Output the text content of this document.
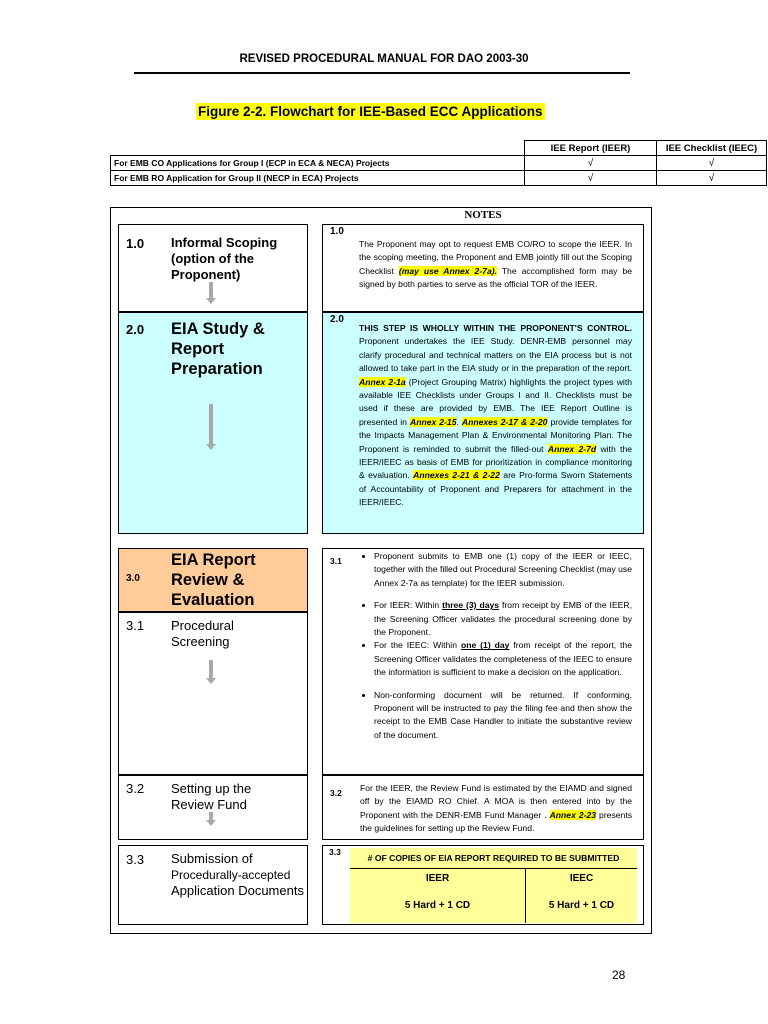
REVISED PROCEDURAL MANUAL FOR DAO 2003-30
Figure 2-2. Flowchart for IEE-Based ECC Applications
	IEE Report (IEER)	IEE Checklist (IEEC)
For EMB CO Applications for Group I (ECP in ECA & NECA) Projects	√	√
For EMB RO Application for Group II (NECP in ECA) Projects	√	√
NOTES
1.0 Informal Scoping (option of the Proponent)
1.0
The Proponent may opt to request EMB CO/RO to scope the IEER. In the scoping meeting, the Proponent and EMB jointly fill out the Scoping Checklist (may use Annex 2-7a). The accomplished form may be signed by both parties to serve as the official TOR of the IEER.
2.0 EIA Study & Report Preparation
2.0
THIS STEP IS WHOLLY WITHIN THE PROPONENT'S CONTROL. Proponent undertakes the IEE Study. DENR-EMB personnel may clarify procedural and technical matters on the EIA process but is not allowed to take part in the EIA study or in the preparation of the report. Annex 2-1a (Project Grouping Matrix) highlights the project types with available IEE Checklists under Groups I and II. Checklists must be used if these are provided by EMB. The IEE Report Outline is presented in Annex 2-15. Annexes 2-17 & 2-20 provide templates for the Impacts Management Plan & Environmental Monitoring Plan. The Proponent is reminded to submit the filled-out Annex 2-7d with the IEER/IEEC as basis of EMB for prioritization in compliance monitoring & evaluation. Annexes 2-21 & 2-22 are Pro-forma Sworn Statements of Accountability of Proponent and Preparers for attachment in the IEER/IEEC.
3.0
EIA Report Review & Evaluation
3.1 Procedural Screening
3.1	• Proponent submits to EMB one (1) copy of the IEER or IEEC, together with the filled out Procedural Screening Checklist (may use Annex 2-7a as template) for the IEER submission.
• For IEER: Within three (3) days from receipt by EMB of the IEER, the Screening Officer validates the procedural screening done by the Proponent.
• For the IEEC: Within one (1) day from receipt of the report, the Screening Officer validates the completeness of the IEEC to ensure the information is sufficient to make a decision on the application.
• Non-conforming document will be returned. If conforming, Proponent will be instructed to pay the filing fee and then show the receipt to the EMB Case Handler to initiate the substantive review of the document.
3.2 Setting up the Review Fund
3.2 For the IEER, the Review Fund is estimated by the EIAMD and signed off by the EIAMD RO Chief. A MOA is then entered into by the Proponent with the DENR-EMB Fund Manager . Annex 2-23 presents the guidelines for setting up the Review Fund.
3.3 Submission of
Procedurally-accepted
Application Documents
3.3
# OF COPIES OF EIA REPORT REQUIRED TO BE SUBMITTED
IEER	IEEC
5 Hard + 1 CD	5 Hard + 1 CD
28
